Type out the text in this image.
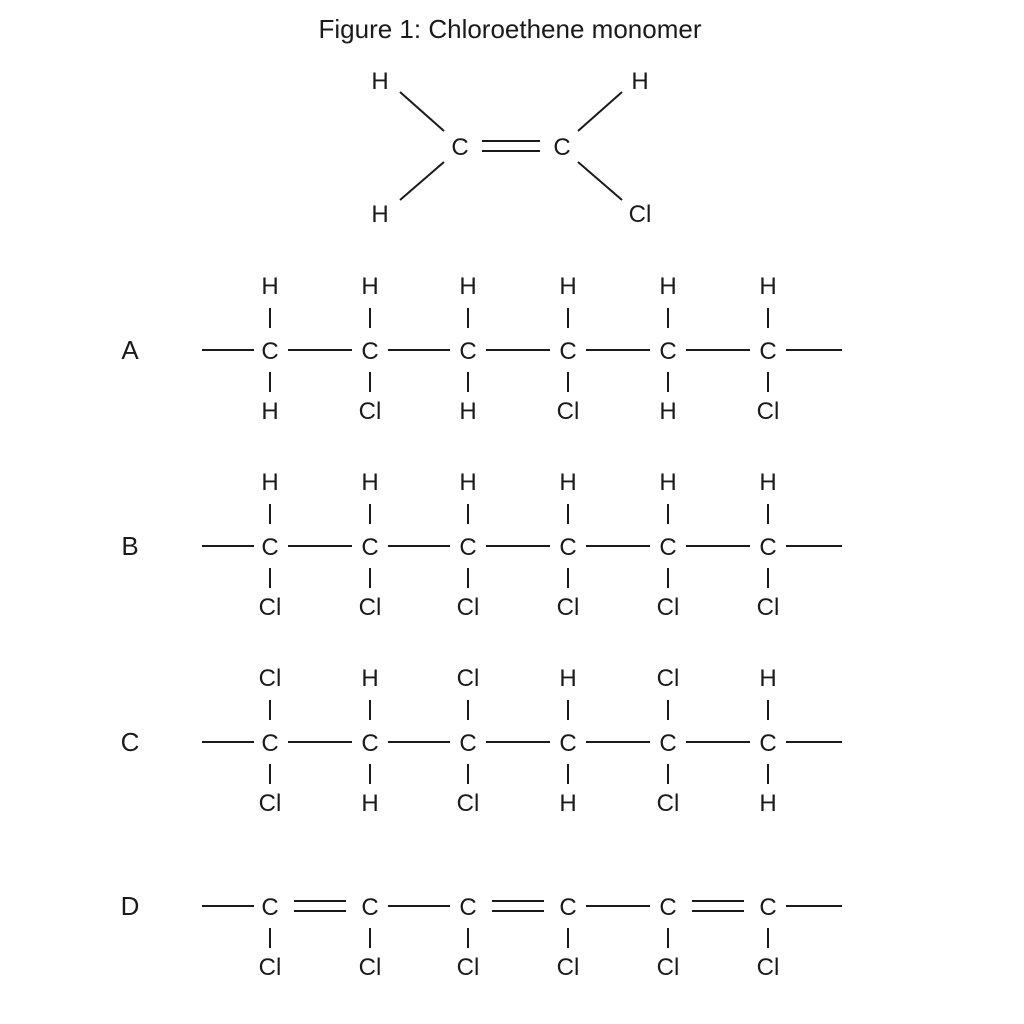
Figure 1: Chloroethene monomer
C	C
H
H
H
Cl
A	C
H
H
C
H
Cl
C
H
H
C
H
Cl
C
H
H
C
H
Cl
B	C
H
Cl
C
H
Cl
C
H
Cl
C
H
Cl
C
H
Cl
C
H
Cl
C	C
Cl
Cl
C
H
H
C
Cl
Cl
C
H
H
C
Cl
Cl
C
H
H
D	C
Cl
C
Cl
C
Cl
C
Cl
C
Cl
C
Cl
